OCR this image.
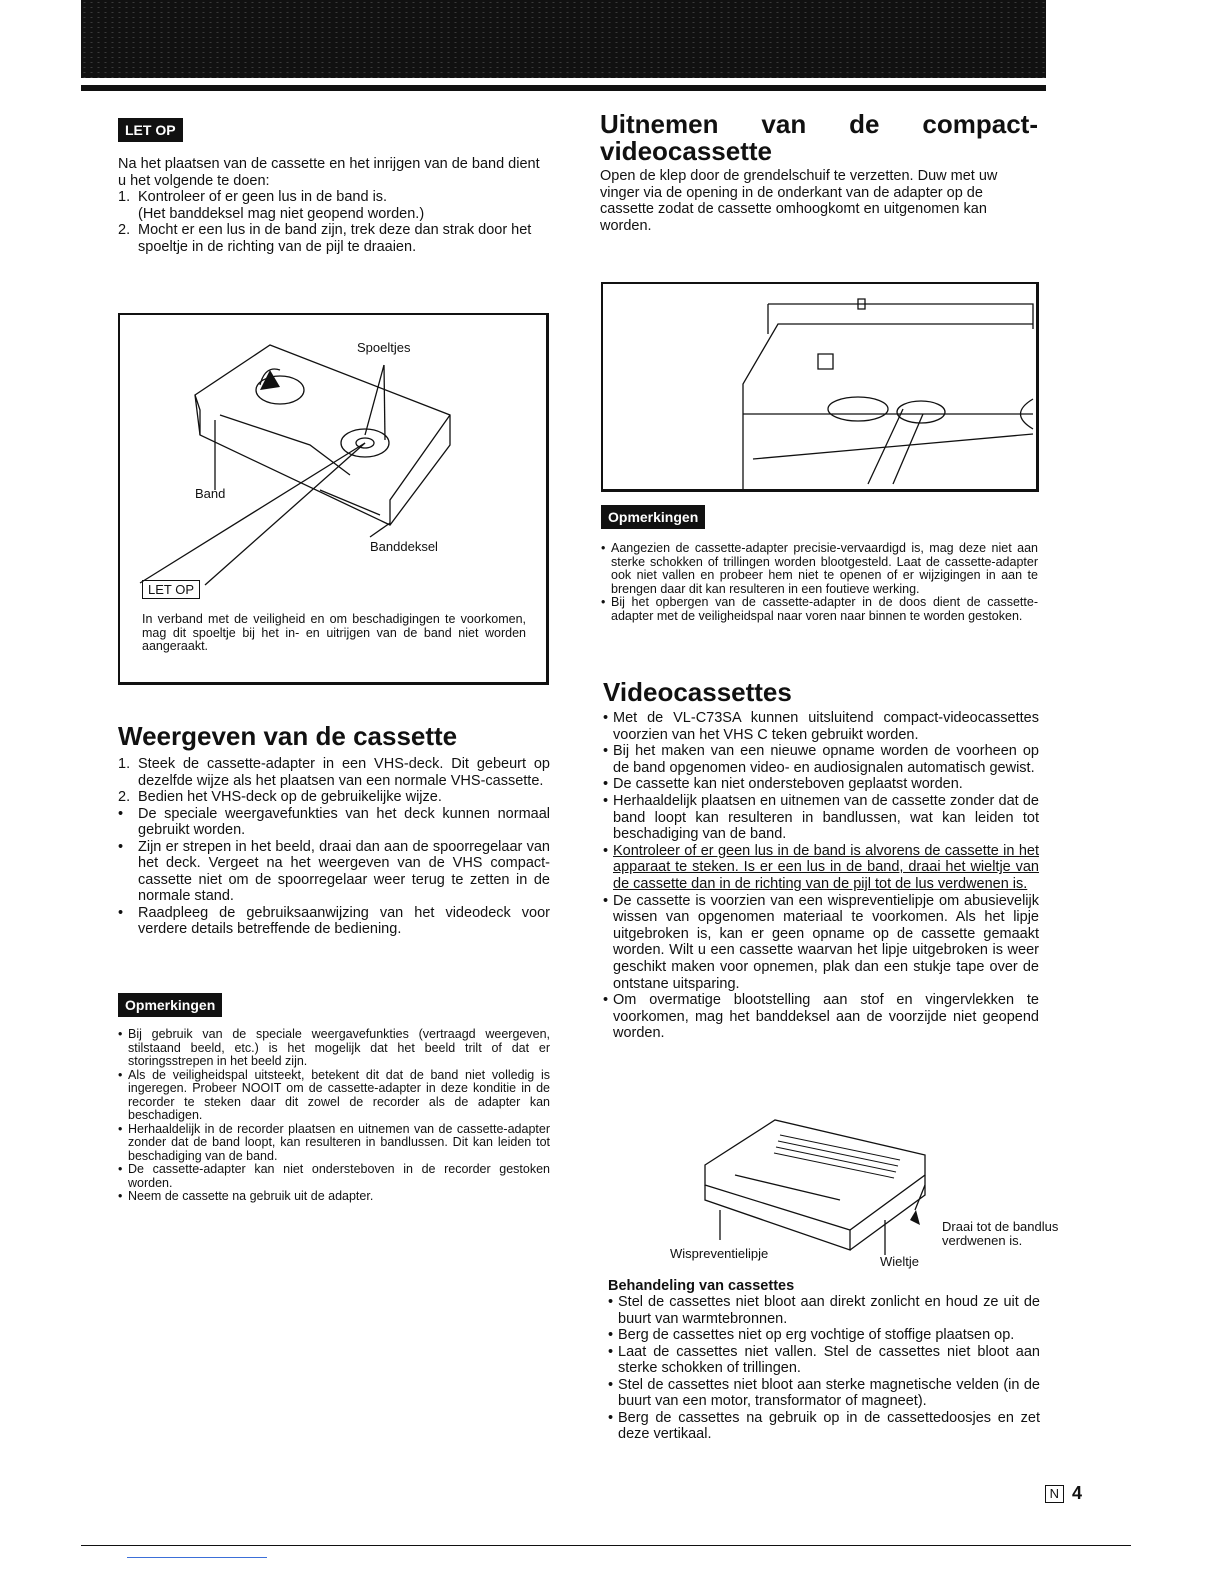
LET OP
Na het plaatsen van de cassette en het inrijgen van de band dient u het volgende te doen:
1. Kontroleer of er geen lus in de band is.
(Het banddeksel mag niet geopend worden.)
2. Mocht er een lus in de band zijn, trek deze dan strak door het spoeltje in de richting van de pijl te draaien.
Spoeltjes
Band
Banddeksel
LET OP
In verband met de veiligheid en om beschadigingen te voorkomen, mag dit spoeltje bij het in- en uitrijgen van de band niet worden aangeraakt.
Weergeven van de cassette
1. Steek de cassette-adapter in een VHS-deck. Dit gebeurt op dezelfde wijze als het plaatsen van een normale VHS-cassette.
2. Bedien het VHS-deck op de gebruikelijke wijze.
•	De speciale weergavefunkties van het deck kunnen normaal gebruikt worden.
•	Zijn er strepen in het beeld, draai dan aan de spoorregelaar van het deck. Vergeet na het weergeven van de VHS compact-cassette niet om de spoorregelaar weer terug te zetten in de normale stand.
•	Raadpleeg de gebruiksaanwijzing van het videodeck voor verdere details betreffende de bediening.
Opmerkingen
• Bij gebruik van de speciale weergavefunkties (vertraagd weergeven, stilstaand beeld, etc.) is het mogelijk dat het beeld trilt of dat er storingsstrepen in het beeld zijn.
• Als de veiligheidspal uitsteekt, betekent dit dat de band niet volledig is ingeregen. Probeer NOOIT om de cassette-adapter in deze konditie in de recorder te steken daar dit zowel de recorder als de adapter kan beschadigen.
• Herhaaldelijk in de recorder plaatsen en uitnemen van de cassette-adapter zonder dat de band loopt, kan resulteren in bandlussen. Dit kan leiden tot beschadiging van de band.
• De cassette-adapter kan niet ondersteboven in de recorder gestoken worden.
• Neem de cassette na gebruik uit de adapter.
Uitnemen van de compact-videocassette
Open de klep door de grendelschuif te verzetten. Duw met uw vinger via de opening in de onderkant van de adapter op de cassette zodat de cassette omhoogkomt en uitgenomen kan worden.
Opmerkingen
• Aangezien de cassette-adapter precisie-vervaardigd is, mag deze niet aan sterke schokken of trillingen worden blootgesteld. Laat de cassette-adapter ook niet vallen en probeer hem niet te openen of er wijzigingen in aan te brengen daar dit kan resulteren in een foutieve werking.
• Bij het opbergen van de cassette-adapter in de doos dient de cassette-adapter met de veiligheidspal naar voren naar binnen te worden gestoken.
Videocassettes
• Met de VL-C73SA kunnen uitsluitend compact-videocassettes voorzien van het VHS C teken gebruikt worden.
• Bij het maken van een nieuwe opname worden de voorheen op de band opgenomen video- en audiosignalen automatisch gewist.
• De cassette kan niet ondersteboven geplaatst worden.
• Herhaaldelijk plaatsen en uitnemen van de cassette zonder dat de band loopt kan resulteren in bandlussen, wat kan leiden tot beschadiging van de band.
• Kontroleer of er geen lus in de band is alvorens de cassette in het apparaat te steken. Is er een lus in de band, draai het wieltje van de cassette dan in de richting van de pijl tot de lus verdwenen is.
• De cassette is voorzien van een wispreventielipje om abusievelijk wissen van opgenomen materiaal te voorkomen. Als het lipje uitgebroken is, kan er geen opname op de cassette gemaakt worden. Wilt u een cassette waarvan het lipje uitgebroken is weer geschikt maken voor opnemen, plak dan een stukje tape over de ontstane uitsparing.
• Om overmatige blootstelling aan stof en vingervlekken te voorkomen, mag het banddeksel aan de voorzijde niet geopend worden.
Draai tot de bandlus verdwenen is.
Wispreventielipje
Wieltje
Behandeling van cassettes
• Stel de cassettes niet bloot aan direkt zonlicht en houd ze uit de buurt van warmtebronnen.
• Berg de cassettes niet op erg vochtige of stoffige plaatsen op.
• Laat de cassettes niet vallen. Stel de cassettes niet bloot aan sterke schokken of trillingen.
• Stel de cassettes niet bloot aan sterke magnetische velden (in de buurt van een motor, transformator of magneet).
• Berg de cassettes na gebruik op in de cassettedoosjes en zet deze vertikaal.
N 4
